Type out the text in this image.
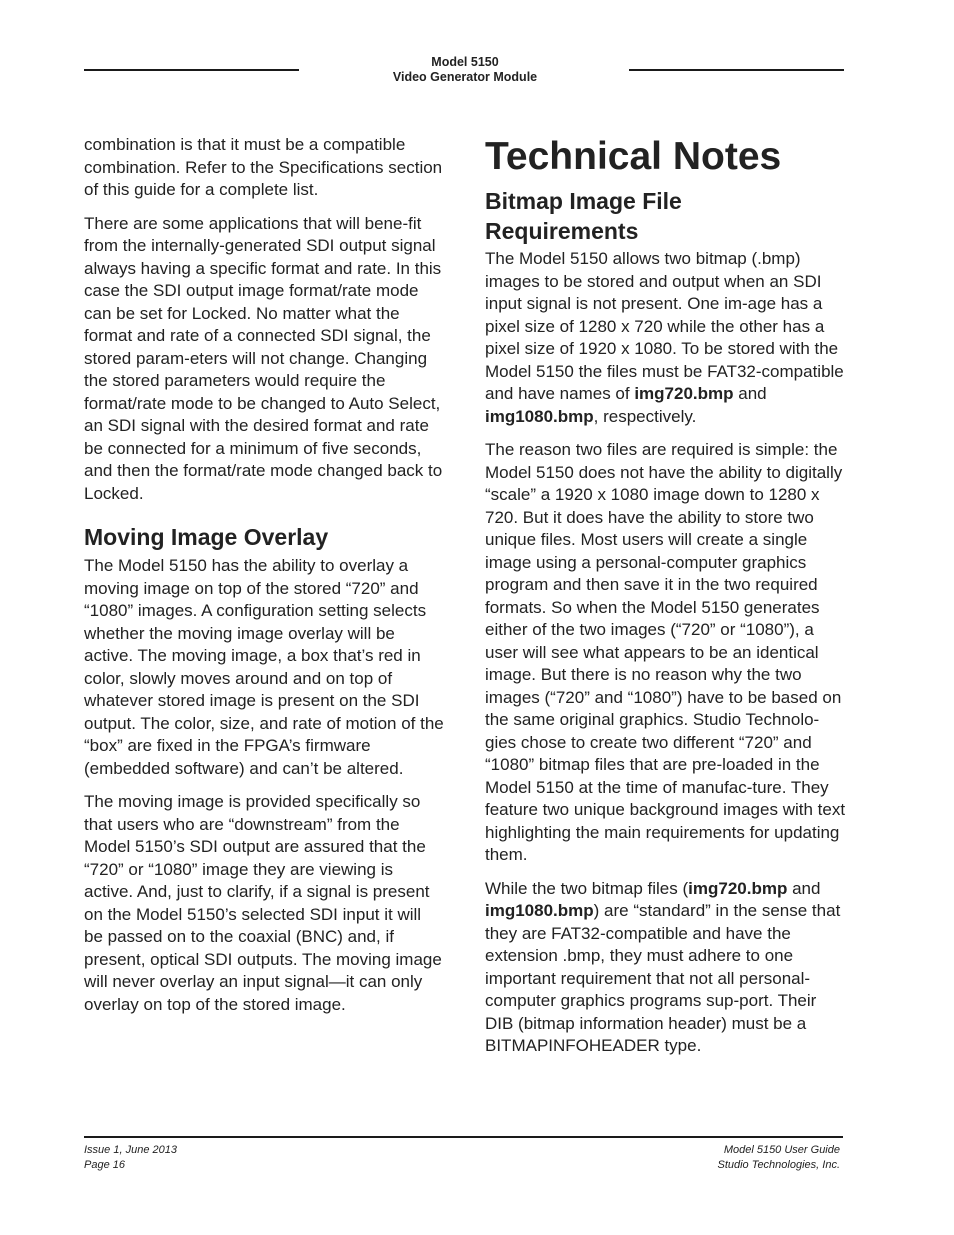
Model 5150
Video Generator Module

combination is that it must be a compatible combination. Refer to the Specifications section of this guide for a complete list.

There are some applications that will bene-fit from the internally-generated SDI output signal always having a specific format and rate. In this case the SDI output image format/rate mode can be set for Locked. No matter what the format and rate of a connected SDI signal, the stored param-eters will not change. Changing the stored parameters would require the format/rate mode to be changed to Auto Select, an SDI signal with the desired format and rate be connected for a minimum of five seconds, and then the format/rate mode changed back to Locked.

Moving Image Overlay

The Model 5150 has the ability to overlay a moving image on top of the stored “720” and “1080” images. A configuration setting selects whether the moving image overlay will be active. The moving image, a box that’s red in color, slowly moves around and on top of whatever stored image is present on the SDI output. The color, size, and rate of motion of the “box” are fixed in the FPGA’s firmware (embedded software) and can’t be altered.

The moving image is provided specifically so that users who are “downstream” from the Model 5150’s SDI output are assured that the “720” or “1080” image they are viewing is active. And, just to clarify, if a signal is present on the Model 5150’s selected SDI input it will be passed on to the coaxial (BNC) and, if present, optical SDI outputs. The moving image will never overlay an input signal—it can only overlay on top of the stored image.

Technical Notes
Bitmap Image File Requirements

The Model 5150 allows two bitmap (.bmp) images to be stored and output when an SDI input signal is not present. One im-age has a pixel size of 1280 x 720 while the other has a pixel size of 1920 x 1080. To be stored with the Model 5150 the files must be FAT32-compatible and have names of img720.bmp and img1080.bmp, respectively.

The reason two files are required is simple: the Model 5150 does not have the ability to digitally “scale” a 1920 x 1080 image down to 1280 x 720. But it does have the ability to store two unique files. Most users will create a single image using a personal-computer graphics program and then save it in the two required formats. So when the Model 5150 generates either of the two images (“720” or “1080”), a user will see what appears to be an identical image. But there is no reason why the two images (“720” and “1080”) have to be based on the same original graphics. Studio Technolo-gies chose to create two different “720” and “1080” bitmap files that are pre-loaded in the Model 5150 at the time of manufac-ture. They feature two unique background images with text highlighting the main requirements for updating them.

While the two bitmap files (img720.bmp and img1080.bmp) are “standard” in the sense that they are FAT32-compatible and have the extension .bmp, they must adhere to one important requirement that not all personal-computer graphics programs sup-port. Their DIB (bitmap information header) must be a BITMAPINFOHEADER type.

Issue 1, June 2013
Page 16
Model 5150 User Guide
Studio Technologies, Inc.
